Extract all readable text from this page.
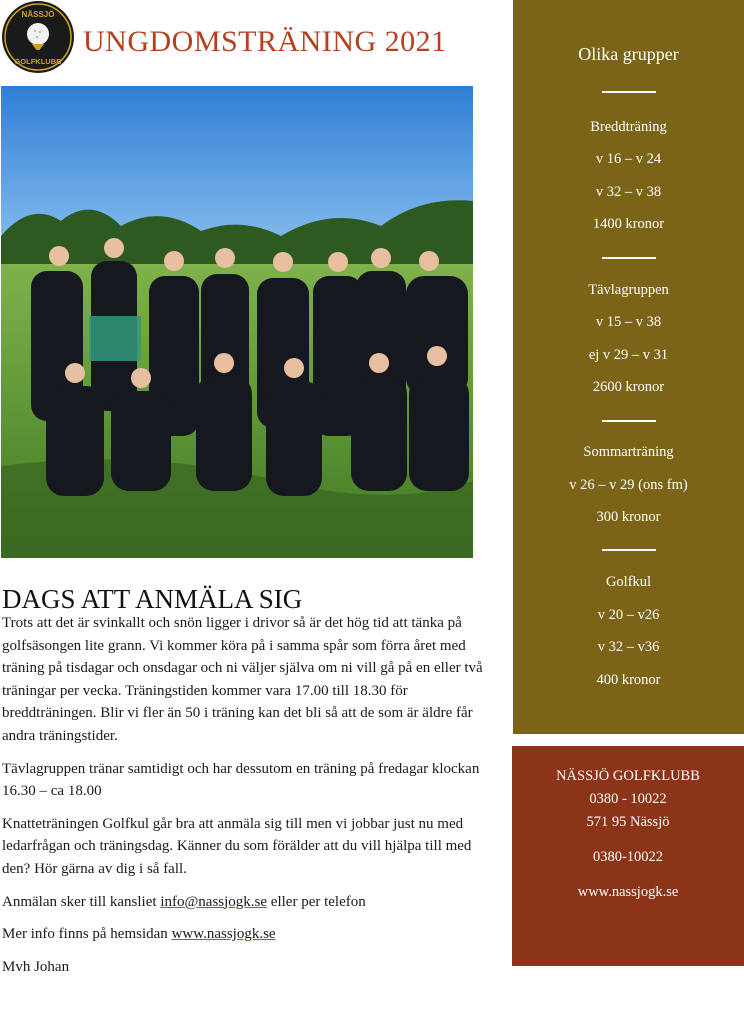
NÄSSJÖ
GOLFKLUBB
UNGDOMSTRÄNING 2021
DAGS ATT ANMÄLA SIG

Trots att det är svinkallt och snön ligger i drivor så är det hög tid att tänka på golfsäsongen lite grann. Vi kommer köra på i samma spår som förra året med träning på tisdagar och onsdagar och ni väljer själva om ni vill gå på en eller två träningar per vecka. Träningstiden kommer vara 17.00 till 18.30 för breddträningen. Blir vi fler än 50 i träning kan det bli så att de som är äldre får andra träningstider.

Tävlagruppen tränar samtidigt och har dessutom en träning på fredagar klockan 16.30 – ca 18.00

Knatteträningen Golfkul går bra att anmäla sig till men vi jobbar just nu med ledarfrågan och träningsdag. Känner du som förälder att du vill hjälpa till med den? Hör gärna av dig i så fall.

Anmälan sker till kansliet info@nassjogk.se eller per telefon

Mer info finns på hemsidan www.nassjogk.se

Mvh Johan

Olika grupper
Breddträning
v 16 – v 24
v 32 – v 38
1400 kronor
Tävlagruppen
v 15 – v 38
ej v 29 – v 31
2600 kronor
Sommarträning
v 26 – v 29 (ons fm)
300 kronor
Golfkul
v 20 – v26
v 32 – v36
400 kronor
NÄSSJÖ GOLFKLUBB
0380 - 10022
571 95 Nässjö
0380-10022
www.nassjogk.se
